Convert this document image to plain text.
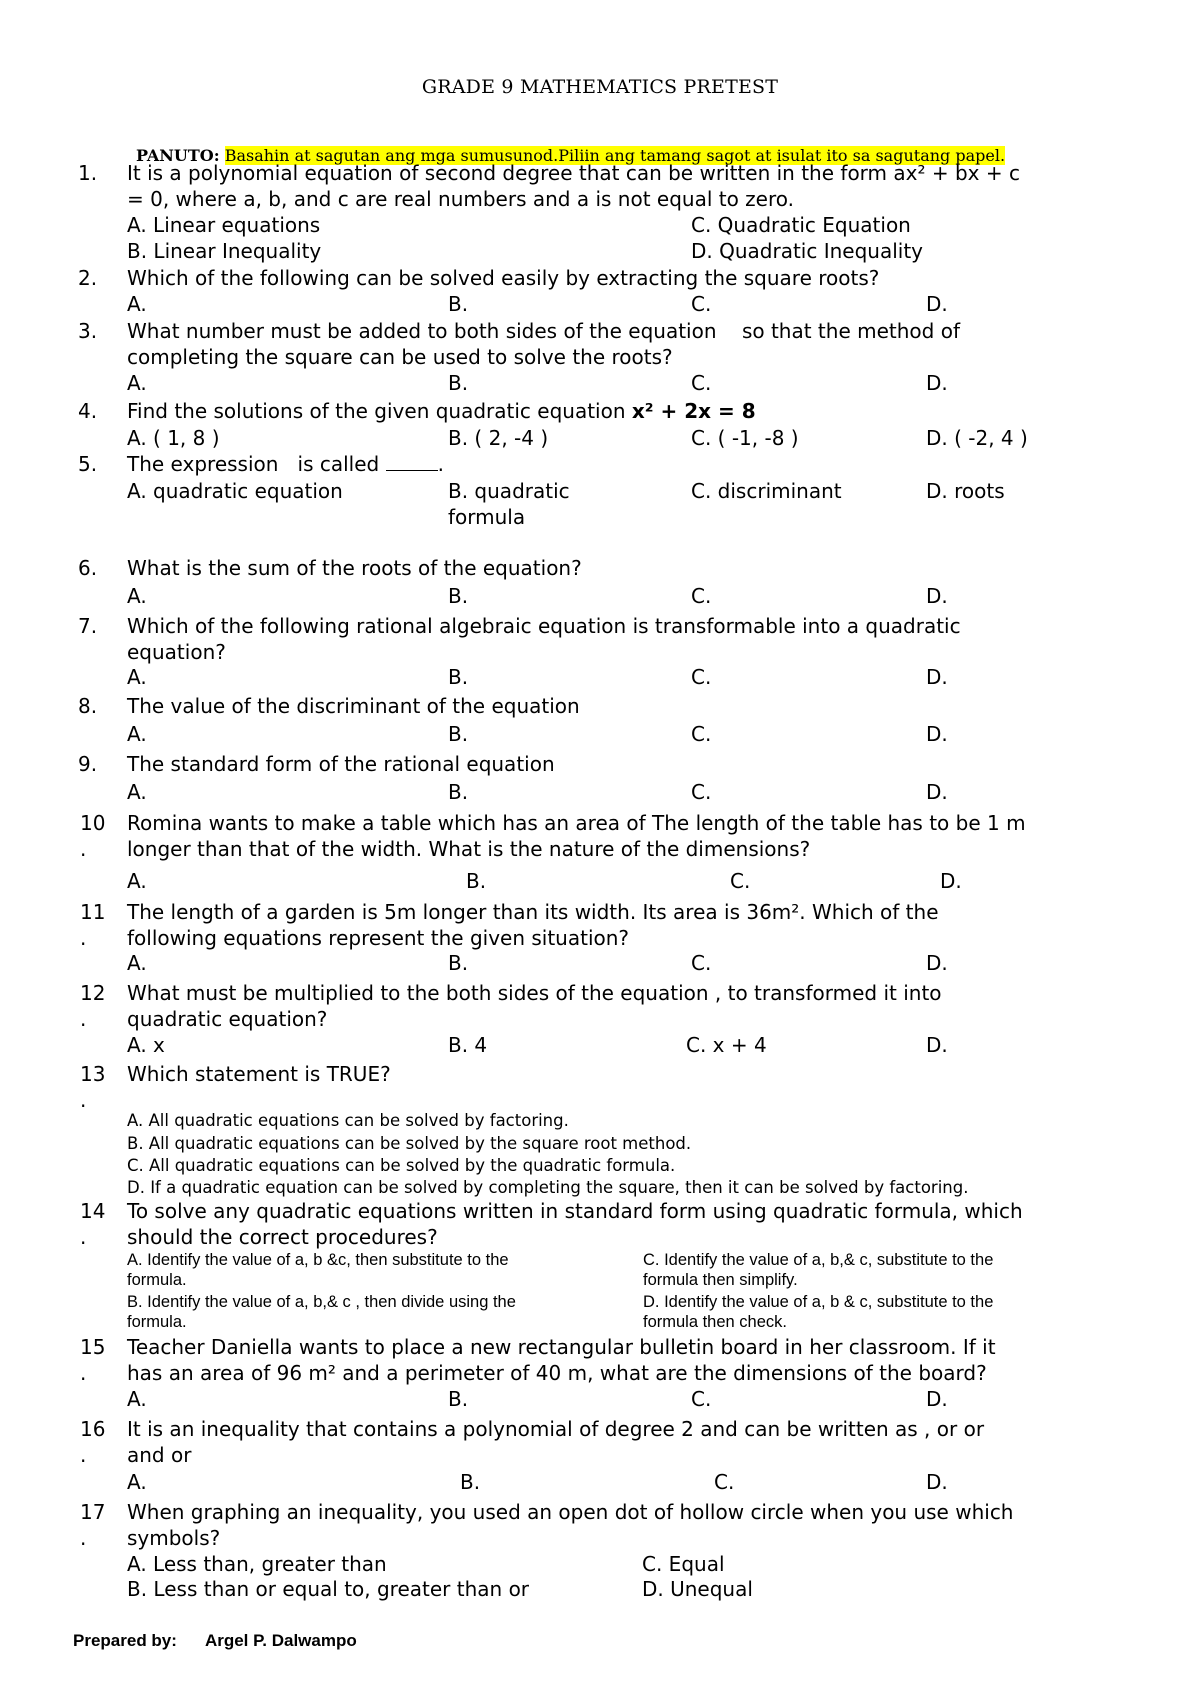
GRADE 9 MATHEMATICS PRETEST
PANUTO: Basahin at sagutan ang mga sumusunod.Piliin ang tamang sagot at isulat ito sa sagutang papel.
1.	It is a polynomial equation of second degree that can be written in the form ax² + bx + c
= 0, where a, b, and c are real numbers and a is not equal to zero.
A. Linear equations	C. Quadratic Equation
B. Linear Inequality	D. Quadratic Inequality
2.	Which of the following can be solved easily by extracting the square roots?
A.	B.	C.	D.
3.	What number must be added to both sides of the equation    so that the method of
completing the square can be used to solve the roots?
A.	B.	C.	D.
4.	Find the solutions of the given quadratic equation x² + 2x = 8
A. ( 1, 8 )	B. ( 2, -4 )	C. ( -1, -8 )	D. ( -2, 4 )
5.	The expression   is called	.
A. quadratic equation	B. quadratic	C. discriminant	D. roots
formula
6.	What is the sum of the roots of the equation?
A.	B.	C.	D.
7.	Which of the following rational algebraic equation is transformable into a quadratic
equation?
A.	B.	C.	D.
8.	The value of the discriminant of the equation
A.	B.	C.	D.
9.	The standard form of the rational equation
A.	B.	C.	D.
10
.
Romina wants to make a table which has an area of The length of the table has to be 1 m
longer than that of the width. What is the nature of the dimensions?
A.	B.	C.	D.
11
.
The length of a garden is 5m longer than its width. Its area is 36m². Which of the
following equations represent the given situation?
A.	B.	C.	D.
12
.
What must be multiplied to the both sides of the equation , to transformed it into
quadratic equation?
A. x	B. 4	C. x + 4	D.
13
.
Which statement is TRUE?
A. All quadratic equations can be solved by factoring.
B. All quadratic equations can be solved by the square root method.
C. All quadratic equations can be solved by the quadratic formula.
D. If a quadratic equation can be solved by completing the square, then it can be solved by factoring.
14
.
To solve any quadratic equations written in standard form using quadratic formula, which
should the correct procedures?
A. Identify the value of a, b &c, then substitute to the	C. Identify the value of a, b,& c, substitute to the
formula.	formula then simplify.
B. Identify the value of a, b,& c , then divide using the	D. Identify the value of a, b & c, substitute to the
formula.	formula then check.
15
.
Teacher Daniella wants to place a new rectangular bulletin board in her classroom. If it
has an area of 96 m² and a perimeter of 40 m, what are the dimensions of the board?
A.	B.	C.	D.
16
.
It is an inequality that contains a polynomial of degree 2 and can be written as , or or
and or
A.	B.	C.	D.
17
.
When graphing an inequality, you used an open dot of hollow circle when you use which
symbols?
A. Less than, greater than	C. Equal
B. Less than or equal to, greater than or	D. Unequal
Prepared by: Argel P. Dalwampo
